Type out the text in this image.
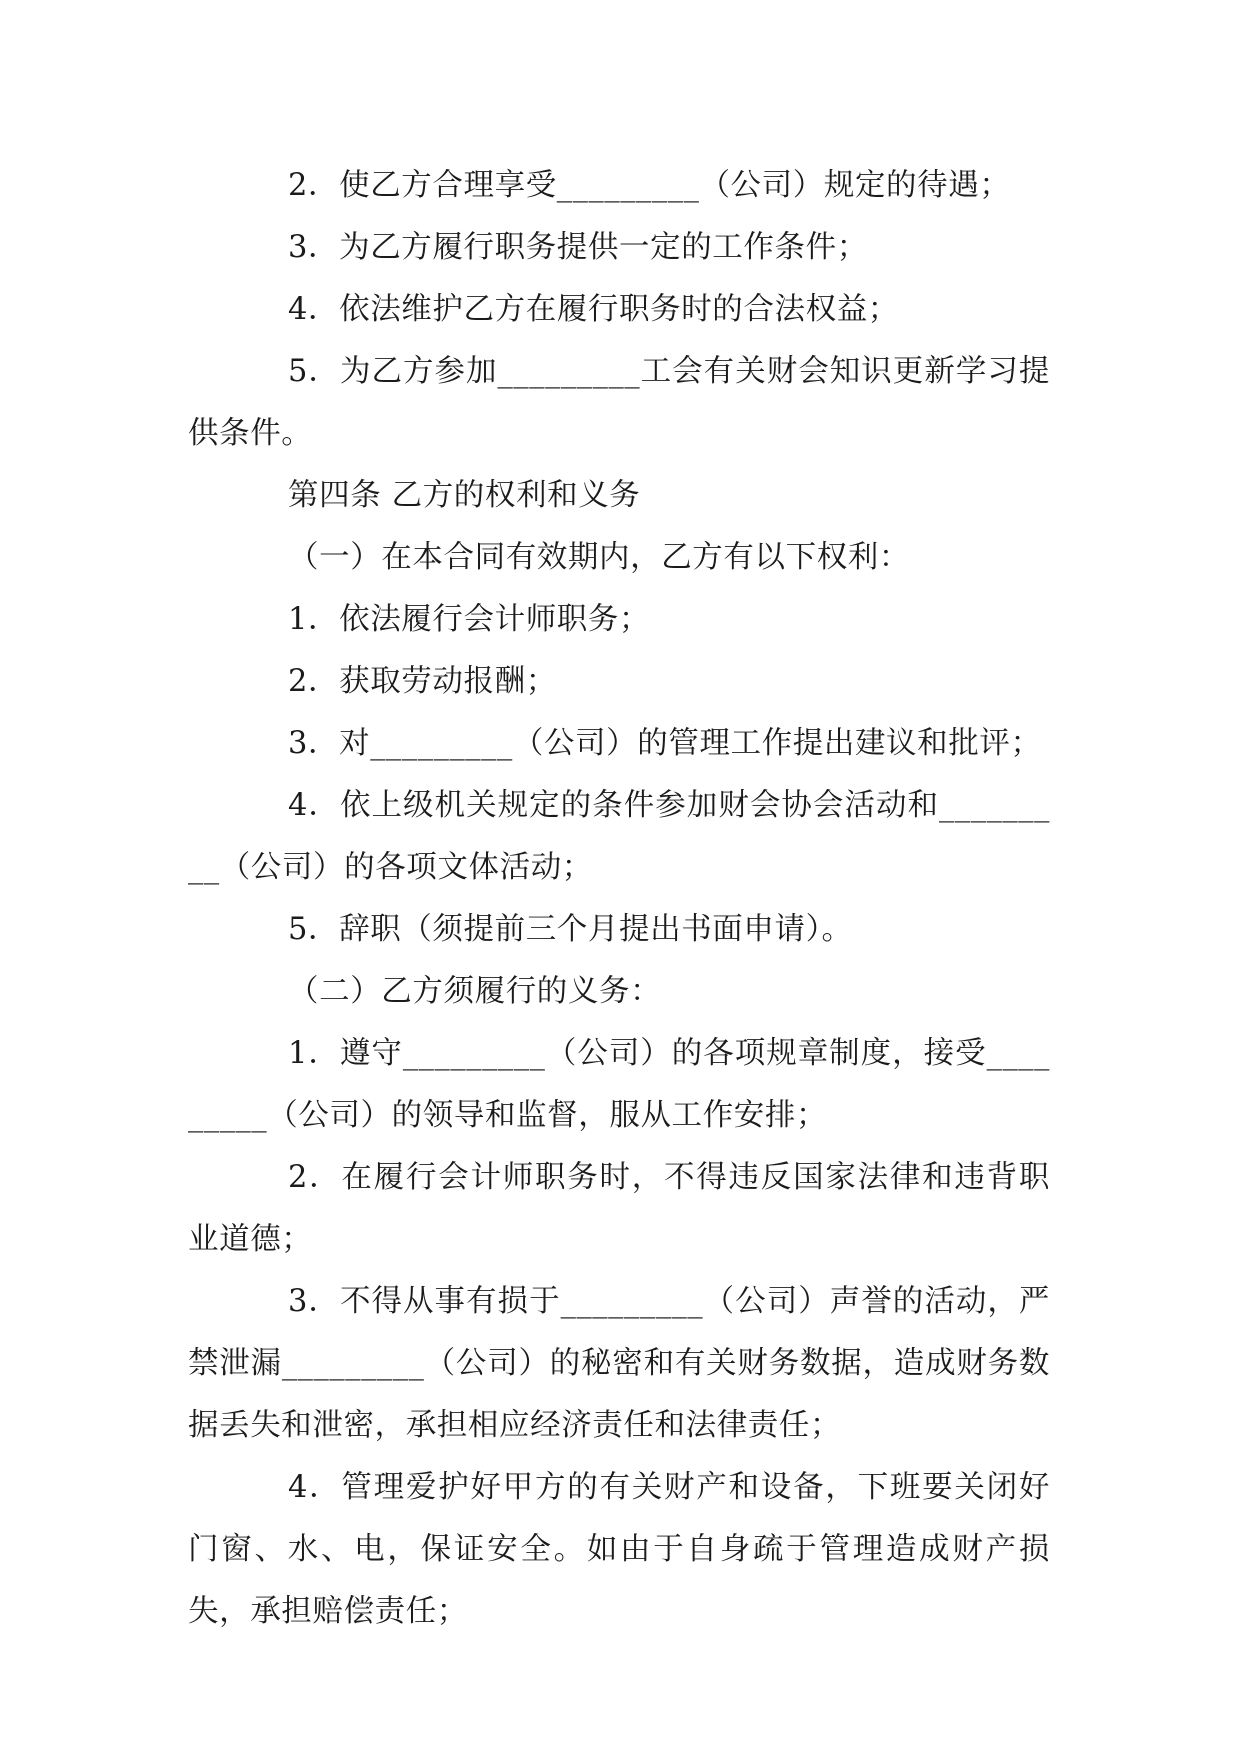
2．使乙方合理享受_________（公司）规定的待遇；

3．为乙方履行职务提供一定的工作条件；

4．依法维护乙方在履行职务时的合法权益；

5．为乙方参加_________工会有关财会知识更新学习提供条件。

第四条 乙方的权利和义务

（一）在本合同有效期内，乙方有以下权利：

1．依法履行会计师职务；

2．获取劳动报酬；

3．对_________（公司）的管理工作提出建议和批评；

4．依上级机关规定的条件参加财会协会活动和_________（公司）的各项文体活动；

5．辞职（须提前三个月提出书面申请）。

（二）乙方须履行的义务：

1．遵守_________（公司）的各项规章制度，接受_________（公司）的领导和监督，服从工作安排；

2．在履行会计师职务时，不得违反国家法律和违背职业道德；

3．不得从事有损于_________（公司）声誉的活动，严禁泄漏_________（公司）的秘密和有关财务数据，造成财务数据丢失和泄密，承担相应经济责任和法律责任；

4．管理爱护好甲方的有关财产和设备，下班要关闭好门窗、水、电，保证安全。如由于自身疏于管理造成财产损失，承担赔偿责任；
